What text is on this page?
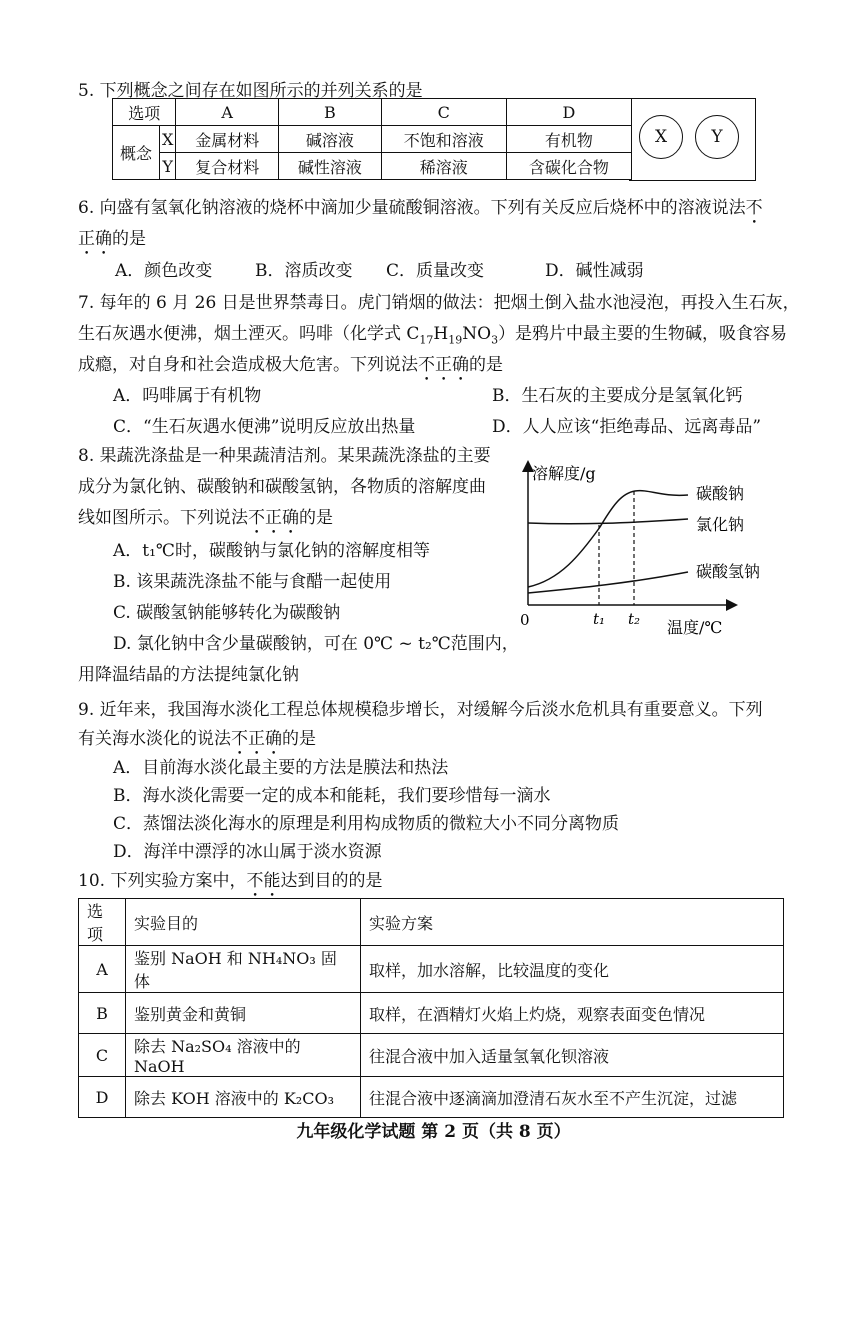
5. 下列概念之间存在如图所示的并列关系的是
选项		A	B	C	D
概念	X	金属材料	碱溶液	不饱和溶液	有机物
	Y	复合材料	碱性溶液	稀溶液	含碳化合物
X	Y
6. 向盛有氢氧化钠溶液的烧杯中滴加少量硫酸铜溶液。下列有关反应后烧杯中的溶液说法不
正确的是
A．颜色改变	B．溶质改变 C．质量改变	D．碱性减弱
7. 每年的 6 月 26 日是世界禁毒日。虎门销烟的做法：把烟土倒入盐水池浸泡，再投入生石灰，
生石灰遇水便沸，烟土湮灭。吗啡（化学式 $C_{17}H_{19}NO_3$）是鸦片中最主要的生物碱，吸食容易
成瘾，对自身和社会造成极大危害。下列说法不正确的是
A．吗啡属于有机物	B．生石灰的主要成分是氢氧化钙
C．“生石灰遇水便沸”说明反应放出热量	D．人人应该“拒绝毒品、远离毒品”
8. 果蔬洗涤盐是一种果蔬清洁剂。某果蔬洗涤盐的主要
成分为氯化钠、碳酸钠和碳酸氢钠，各物质的溶解度曲
线如图所示。下列说法不正确的是
A．t₁℃时，碳酸钠与氯化钠的溶解度相等
B. 该果蔬洗涤盐不能与食醋一起使用
C. 碳酸氢钠能够转化为碳酸钠
D. 氯化钠中含少量碳酸钠，可在 0℃ ~ t₂℃范围内，
用降温结晶的方法提纯氯化钠
溶解度/g
温度/℃
0	t₁ t₂
碳酸钠
氯化钠
碳酸氢钠
9. 近年来，我国海水淡化工程总体规模稳步增长，对缓解今后淡水危机具有重要意义。下列
有关海水淡化的说法不正确的是
A．目前海水淡化最主要的方法是膜法和热法
B．海水淡化需要一定的成本和能耗，我们要珍惜每一滴水
C．蒸馏法淡化海水的原理是利用构成物质的微粒大小不同分离物质
D．海洋中漂浮的冰山属于淡水资源
10. 下列实验方案中，不能达到目的的是
选项	实验目的	实验方案
A	鉴别 NaOH 和 NH₄NO₃ 固体	取样，加水溶解，比较温度的变化
B	鉴别黄金和黄铜	取样，在酒精灯火焰上灼烧，观察表面变色情况
C	除去 Na₂SO₄ 溶液中的 NaOH	往混合液中加入适量氢氧化钡溶液
D	除去 KOH 溶液中的 K₂CO₃	往混合液中逐滴滴加澄清石灰水至不产生沉淀，过滤
九年级化学试题 第 2 页（共 8 页）
